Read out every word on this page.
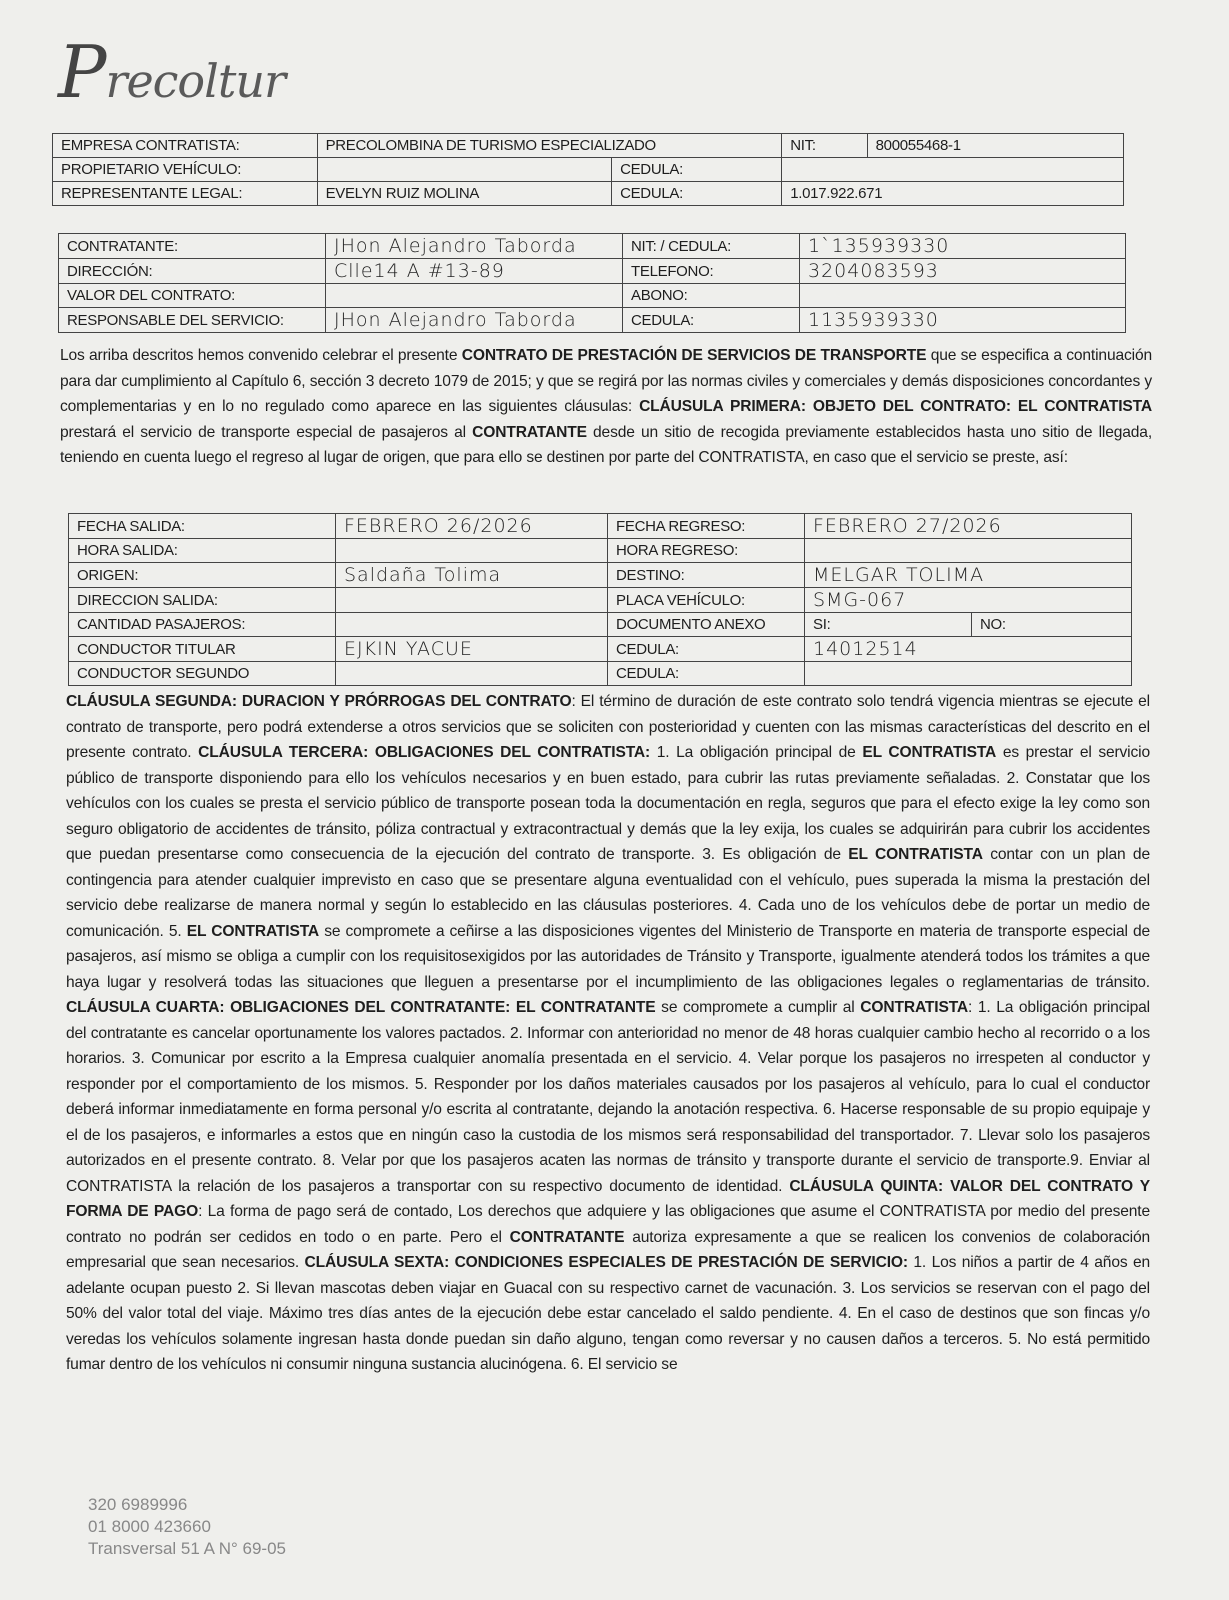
Precoltur
EMPRESA CONTRATISTA:	PRECOLOMBINA DE TURISMO ESPECIALIZADO		NIT:	800055468-1
PROPIETARIO VEHÍCULO:		CEDULA:		
REPRESENTANTE LEGAL:	EVELYN RUIZ MOLINA	CEDULA:	1.017.922.671	
CONTRATANTE:	JHon Alejandro Taborda	NIT: / CEDULA:	1`135939330
DIRECCIÓN:	Clle14 A #13-89	TELEFONO:	3204083593
VALOR DEL CONTRATO:		ABONO:	
RESPONSABLE DEL SERVICIO:	JHon Alejandro Taborda	CEDULA:	1135939330
Los arriba descritos hemos convenido celebrar el presente CONTRATO DE PRESTACIÓN DE SERVICIOS DE TRANSPORTE que se especifica a continuación para dar cumplimiento al Capítulo 6, sección 3 decreto 1079 de 2015; y que se regirá por las normas civiles y comerciales y demás disposiciones concordantes y complementarias y en lo no regulado como aparece en las siguientes cláusulas: CLÁUSULA PRIMERA: OBJETO DEL CONTRATO: EL CONTRATISTA prestará el servicio de transporte especial de pasajeros al CONTRATANTE desde un sitio de recogida previamente establecidos hasta uno sitio de llegada, teniendo en cuenta luego el regreso al lugar de origen, que para ello se destinen por parte del CONTRATISTA, en caso que el servicio se preste, así:
FECHA SALIDA:	FEBRERO 26/2026	FECHA REGRESO:	FEBRERO 27/2026	
HORA SALIDA:		HORA REGRESO:		
ORIGEN:	Saldaña Tolima	DESTINO:	MELGAR TOLIMA	
DIRECCION SALIDA:		PLACA VEHÍCULO:	SMG-067	
CANTIDAD PASAJEROS:		DOCUMENTO ANEXO	SI:	NO:
CONDUCTOR TITULAR	EJKIN YACUE	CEDULA:	14012514	
CONDUCTOR SEGUNDO		CEDULA:		
CLÁUSULA SEGUNDA: DURACION Y PRÓRROGAS DEL CONTRATO: El término de duración de este contrato solo tendrá vigencia mientras se ejecute el contrato de transporte, pero podrá extenderse a otros servicios que se soliciten con posterioridad y cuenten con las mismas características del descrito en el presente contrato. CLÁUSULA TERCERA: OBLIGACIONES DEL CONTRATISTA: 1. La obligación principal de EL CONTRATISTA es prestar el servicio público de transporte disponiendo para ello los vehículos necesarios y en buen estado, para cubrir las rutas previamente señaladas. 2. Constatar que los vehículos con los cuales se presta el servicio público de transporte posean toda la documentación en regla, seguros que para el efecto exige la ley como son seguro obligatorio de accidentes de tránsito, póliza contractual y extracontractual y demás que la ley exija, los cuales se adquirirán para cubrir los accidentes que puedan presentarse como consecuencia de la ejecución del contrato de transporte. 3. Es obligación de EL CONTRATISTA contar con un plan de contingencia para atender cualquier imprevisto en caso que se presentare alguna eventualidad con el vehículo, pues superada la misma la prestación del servicio debe realizarse de manera normal y según lo establecido en las cláusulas posteriores. 4. Cada uno de los vehículos debe de portar un medio de comunicación. 5. EL CONTRATISTA se compromete a ceñirse a las disposiciones vigentes del Ministerio de Transporte en materia de transporte especial de pasajeros, así mismo se obliga a cumplir con los requisitosexigidos por las autoridades de Tránsito y Transporte, igualmente atenderá todos los trámites a que haya lugar y resolverá todas las situaciones que lleguen a presentarse por el incumplimiento de las obligaciones legales o reglamentarias de tránsito. CLÁUSULA CUARTA: OBLIGACIONES DEL CONTRATANTE: EL CONTRATANTE se compromete a cumplir al CONTRATISTA: 1. La obligación principal del contratante es cancelar oportunamente los valores pactados. 2. Informar con anterioridad no menor de 48 horas cualquier cambio hecho al recorrido o a los horarios. 3. Comunicar por escrito a la Empresa cualquier anomalía presentada en el servicio. 4. Velar porque los pasajeros no irrespeten al conductor y responder por el comportamiento de los mismos. 5. Responder por los daños materiales causados por los pasajeros al vehículo, para lo cual el conductor deberá informar inmediatamente en forma personal y/o escrita al contratante, dejando la anotación respectiva. 6. Hacerse responsable de su propio equipaje y el de los pasajeros, e informarles a estos que en ningún caso la custodia de los mismos será responsabilidad del transportador. 7. Llevar solo los pasajeros autorizados en el presente contrato. 8. Velar por que los pasajeros acaten las normas de tránsito y transporte durante el servicio de transporte.9. Enviar al CONTRATISTA la relación de los pasajeros a transportar con su respectivo documento de identidad. CLÁUSULA QUINTA: VALOR DEL CONTRATO Y FORMA DE PAGO: La forma de pago será de contado, Los derechos que adquiere y las obligaciones que asume el CONTRATISTA por medio del presente contrato no podrán ser cedidos en todo o en parte. Pero el CONTRATANTE autoriza expresamente a que se realicen los convenios de colaboración empresarial que sean necesarios. CLÁUSULA SEXTA: CONDICIONES ESPECIALES DE PRESTACIÓN DE SERVICIO: 1. Los niños a partir de 4 años en adelante ocupan puesto 2. Si llevan mascotas deben viajar en Guacal con su respectivo carnet de vacunación. 3. Los servicios se reservan con el pago del 50% del valor total del viaje. Máximo tres días antes de la ejecución debe estar cancelado el saldo pendiente. 4. En el caso de destinos que son fincas y/o veredas los vehículos solamente ingresan hasta donde puedan sin daño alguno, tengan como reversar y no causen daños a terceros. 5. No está permitido fumar dentro de los vehículos ni consumir ninguna sustancia alucinógena. 6. El servicio se
320 6989996
01 8000 423660
Transversal 51 A N° 69-05
